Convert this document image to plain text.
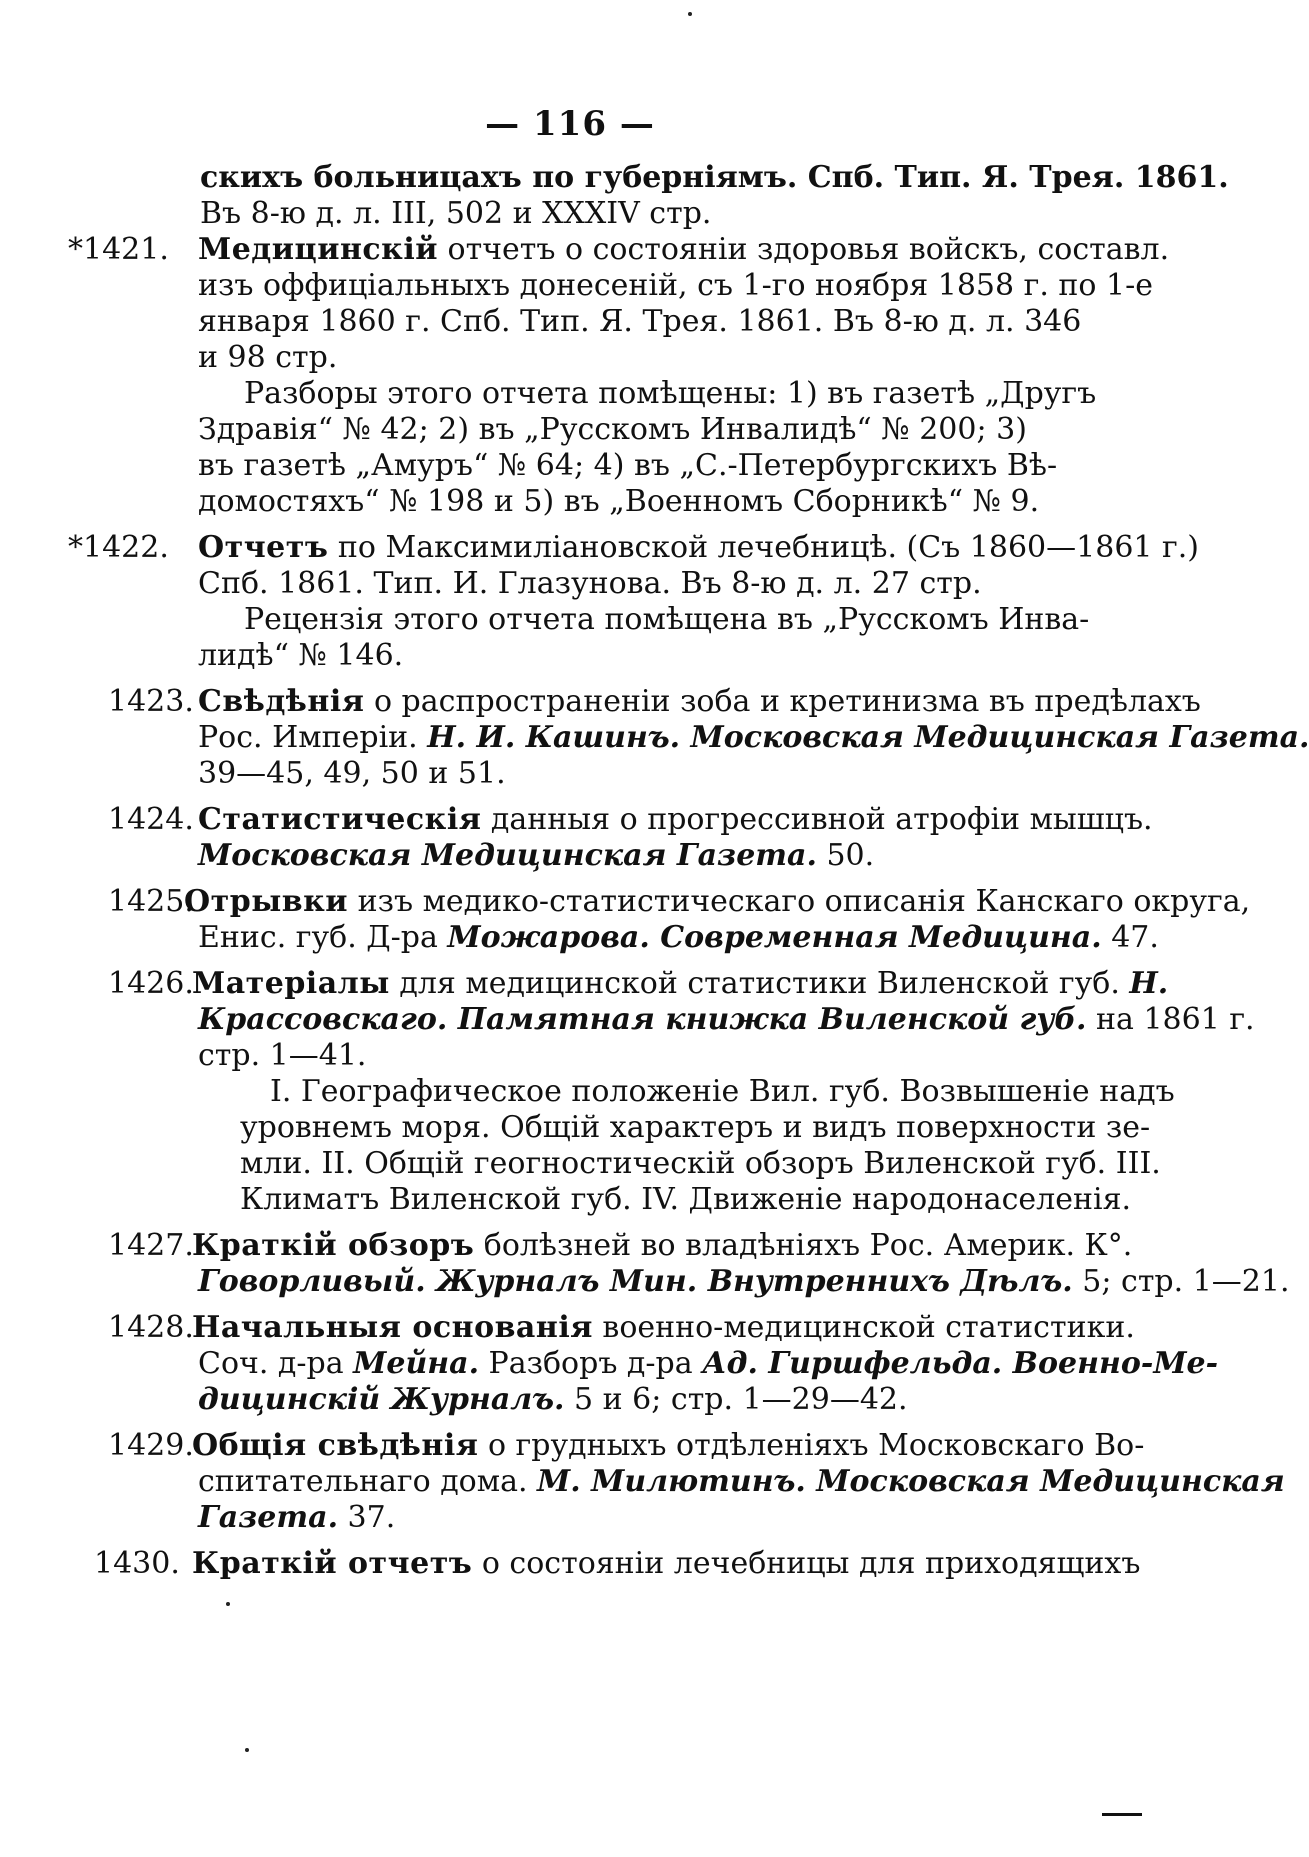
— 116 —
скихъ больницахъ по губерніямъ. Спб. Тип. Я. Трея. 1861.
Въ 8-ю д. л. III, 502 и XXXIV стр.
*1421. Медицинскій отчетъ о состояніи здоровья войскъ, составл.
изъ оффиціальныхъ донесеній, съ 1-го ноября 1858 г. по 1-е
января 1860 г. Спб. Тип. Я. Трея. 1861. Въ 8-ю д. л. 346
и 98 стр.
Разборы этого отчета помѣщены: 1) въ газетѣ „Другъ
Здравія“ № 42; 2) въ „Русскомъ Инвалидѣ“ № 200; 3)
въ газетѣ „Амуръ“ № 64; 4) въ „С.-Петербургскихъ Вѣ-
домостяхъ“ № 198 и 5) въ „Военномъ Сборникѣ“ № 9.
*1422. Отчетъ по Максимиліановской лечебницѣ. (Съ 1860—1861 г.)
Спб. 1861. Тип. И. Глазунова. Въ 8-ю д. л. 27 стр.
Рецензія этого отчета помѣщена въ „Русскомъ Инва-
лидѣ“ № 146.
1423. Свѣдѣнія о распространеніи зоба и кретинизма въ предѣлахъ
Рос. Имперіи. Н. И. Кашинъ. Московская Медицинская Газета.
39—45, 49, 50 и 51.
1424. Статистическія данныя о прогрессивной атрофіи мышцъ.
Московская Медицинская Газета. 50.
1425.
Отрывки изъ медико-статистическаго описанія Канскаго округа,
Енис. губ. Д-ра Можарова. Современная Медицина. 47.
1426.
Матеріалы для медицинской статистики Виленской губ. Н.
Крассовскаго. Памятная книжка Виленской губ. на 1861 г.
стр. 1—41.
I. Географическое положеніе Вил. губ. Возвышеніе надъ
уровнемъ моря. Общій характеръ и видъ поверхности зе-
мли. II. Общій геогностическій обзоръ Виленской губ. III.
Климатъ Виленской губ. IV. Движеніе народонаселенія.
1427.
Краткій обзоръ болѣзней во владѣніяхъ Рос. Америк. К°.
Говорливый. Журналъ Мин. Внутреннихъ Дѣлъ. 5; стр. 1—21.
1428.
Начальныя основанія военно-медицинской статистики.
Соч. д-ра Мейна. Разборъ д-ра Ад. Гиршфельда. Военно-Ме-
дицинскій Журналъ. 5 и 6; стр. 1—29—42.
1429.
Общія свѣдѣнія о грудныхъ отдѣленіяхъ Московскаго Во-
спитательнаго дома. М. Милютинъ. Московская Медицинская
Газета. 37.
1430. Краткій отчетъ о состояніи лечебницы для приходящихъ
